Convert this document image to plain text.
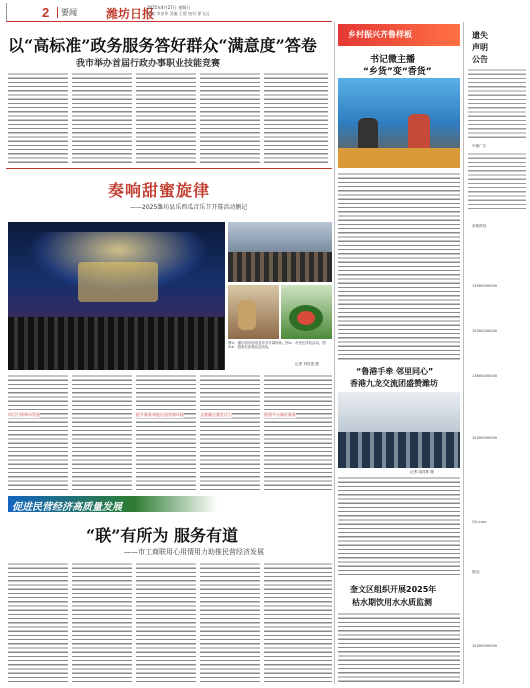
2 要闻 潍坊日报
2025年4月27日 星期日
责编 李金华 美编 王琨 校对 徐飞远
以“高标准”政务服务答好群众“满意度”答卷
我市举办首届行政办事职业技能竞赛
奏响甜蜜旋律
——2025潍坊县乐西瓜音乐节开幕活动侧记
图①：潍坊县乐西瓜音乐节开幕现场。图②：市民在体验活动。图③④：游客在参观品尝西瓜。
记者 刘昌建 摄
项目引领带动发展	提升服务效能打造营商环境	文旅融合激发活力	搭建平台做好服务
促进民营经济高质量发展
“联”有所为 服务有道
——市工商联用心用情用力助推民营经济发展
乡村振兴齐鲁样板
书记微主播
“乡货”变“香货”
“鲁港手牵 邻里同心”
香港九龙交流团盛赞潍坊
记者 周祥栋 摄
奎文区组织开展2025年
枯水期饮用水水质监测
遗失
声明
公告
中缘广告
常缘热线
13900000000
15300000000
13600000000
15300000000
QQ.com
微信:
15300000000
